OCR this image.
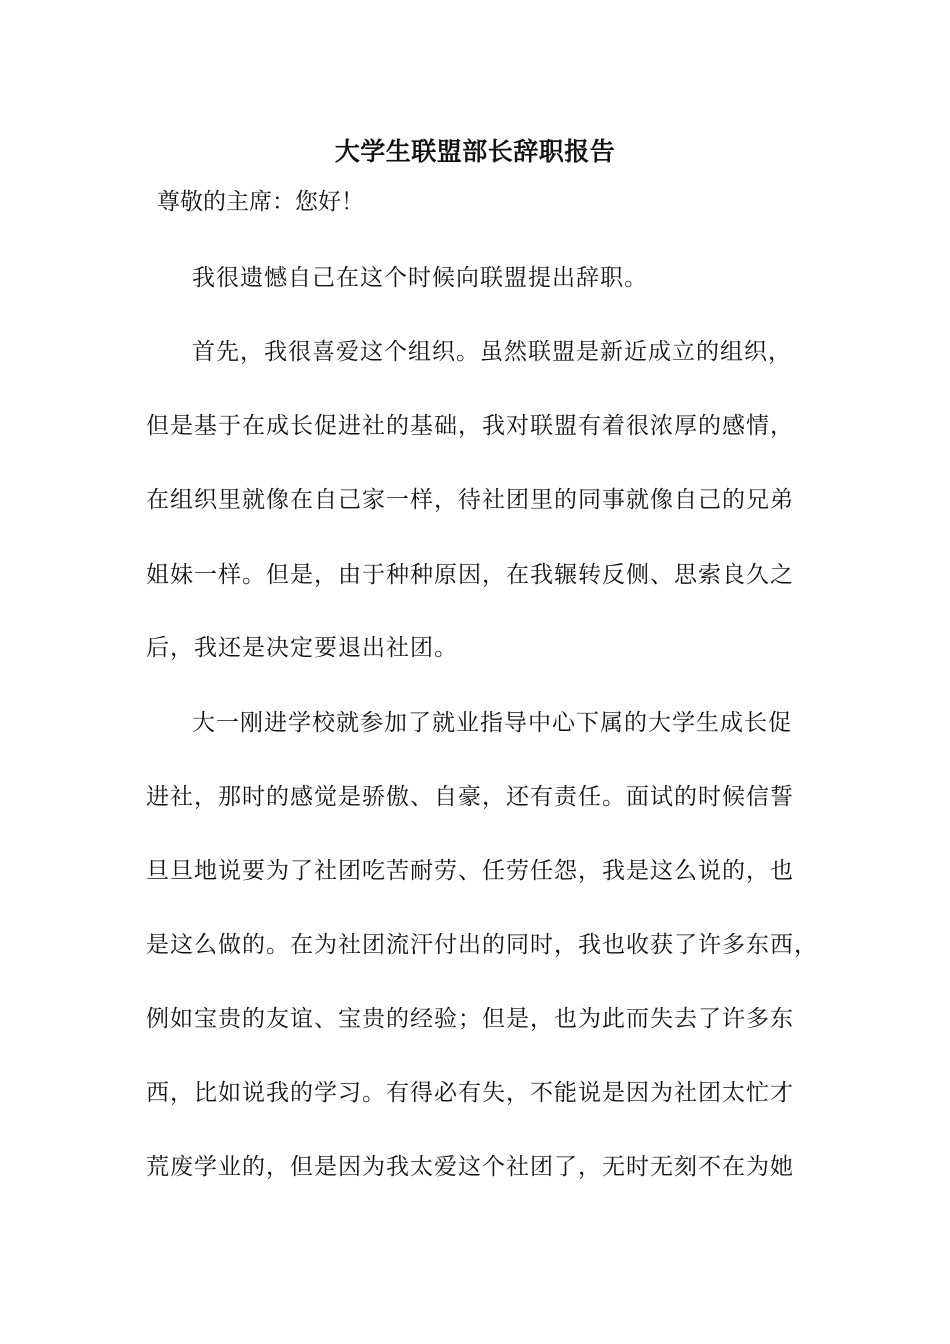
大学生联盟部长辞职报告
尊敬的主席：您好！
我很遗憾自己在这个时候向联盟提出辞职。
首先，我很喜爱这个组织。虽然联盟是新近成立的组织，
但是基于在成长促进社的基础，我对联盟有着很浓厚的感情，
在组织里就像在自己家一样，待社团里的同事就像自己的兄弟
姐妹一样。但是，由于种种原因，在我辗转反侧、思索良久之
后，我还是决定要退出社团。
大一刚进学校就参加了就业指导中心下属的大学生成长促
进社，那时的感觉是骄傲、自豪，还有责任。面试的时候信誓
旦旦地说要为了社团吃苦耐劳、任劳任怨，我是这么说的，也
是这么做的。在为社团流汗付出的同时，我也收获了许多东西，
例如宝贵的友谊、宝贵的经验；但是，也为此而失去了许多东
西，比如说我的学习。有得必有失，不能说是因为社团太忙才
荒废学业的，但是因为我太爱这个社团了，无时无刻不在为她
